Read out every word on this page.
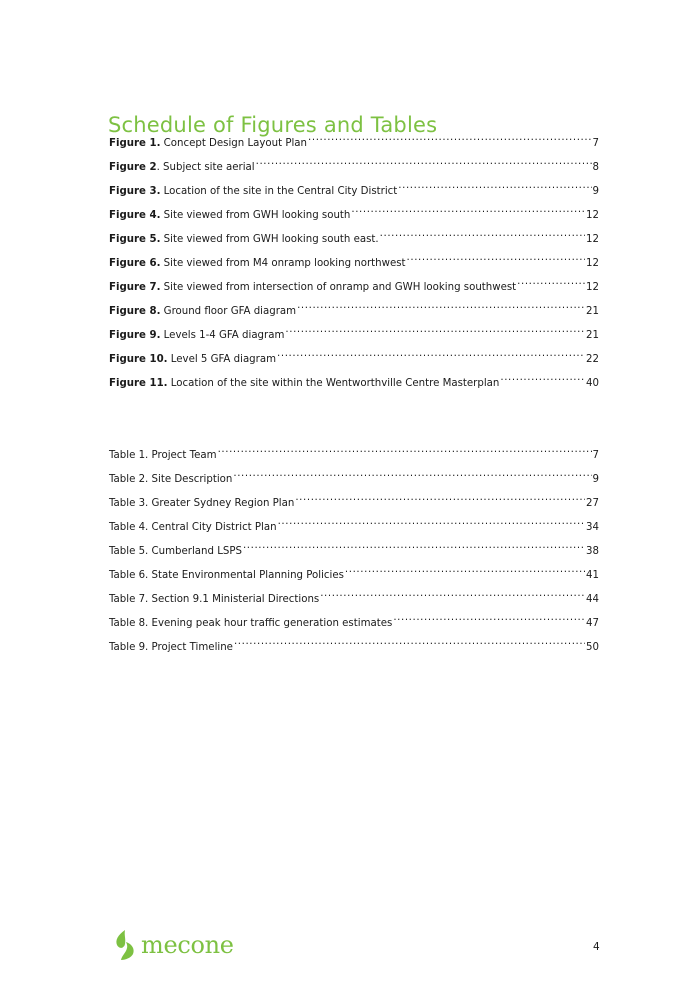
Schedule of Figures and Tables
Figure 1. Concept Design Layout Plan .....	7
Figure 2. Subject site aerial .....	8
Figure 3. Location of the site in the Central City District .....	9
Figure 4. Site viewed from GWH looking south .....	12
Figure 5. Site viewed from GWH looking south east. .....	12
Figure 6. Site viewed from M4 onramp looking northwest .....	12
Figure 7. Site viewed from intersection of onramp and GWH looking southwest .....	12
Figure 8. Ground floor GFA diagram .....	21
Figure 9. Levels 1-4 GFA diagram .....	21
Figure 10. Level 5 GFA diagram .....	22
Figure 11. Location of the site within the Wentworthville Centre Masterplan .....	40
Table 1. Project Team .....	7
Table 2. Site Description .....	9
Table 3. Greater Sydney Region Plan .....	27
Table 4. Central City District Plan .....	34
Table 5. Cumberland LSPS .....	38
Table 6. State Environmental Planning Policies .....	41
Table 7. Section 9.1 Ministerial Directions .....	44
Table 8. Evening peak hour traffic generation estimates .....	47
Table 9. Project Timeline .....	50
mecone	4
